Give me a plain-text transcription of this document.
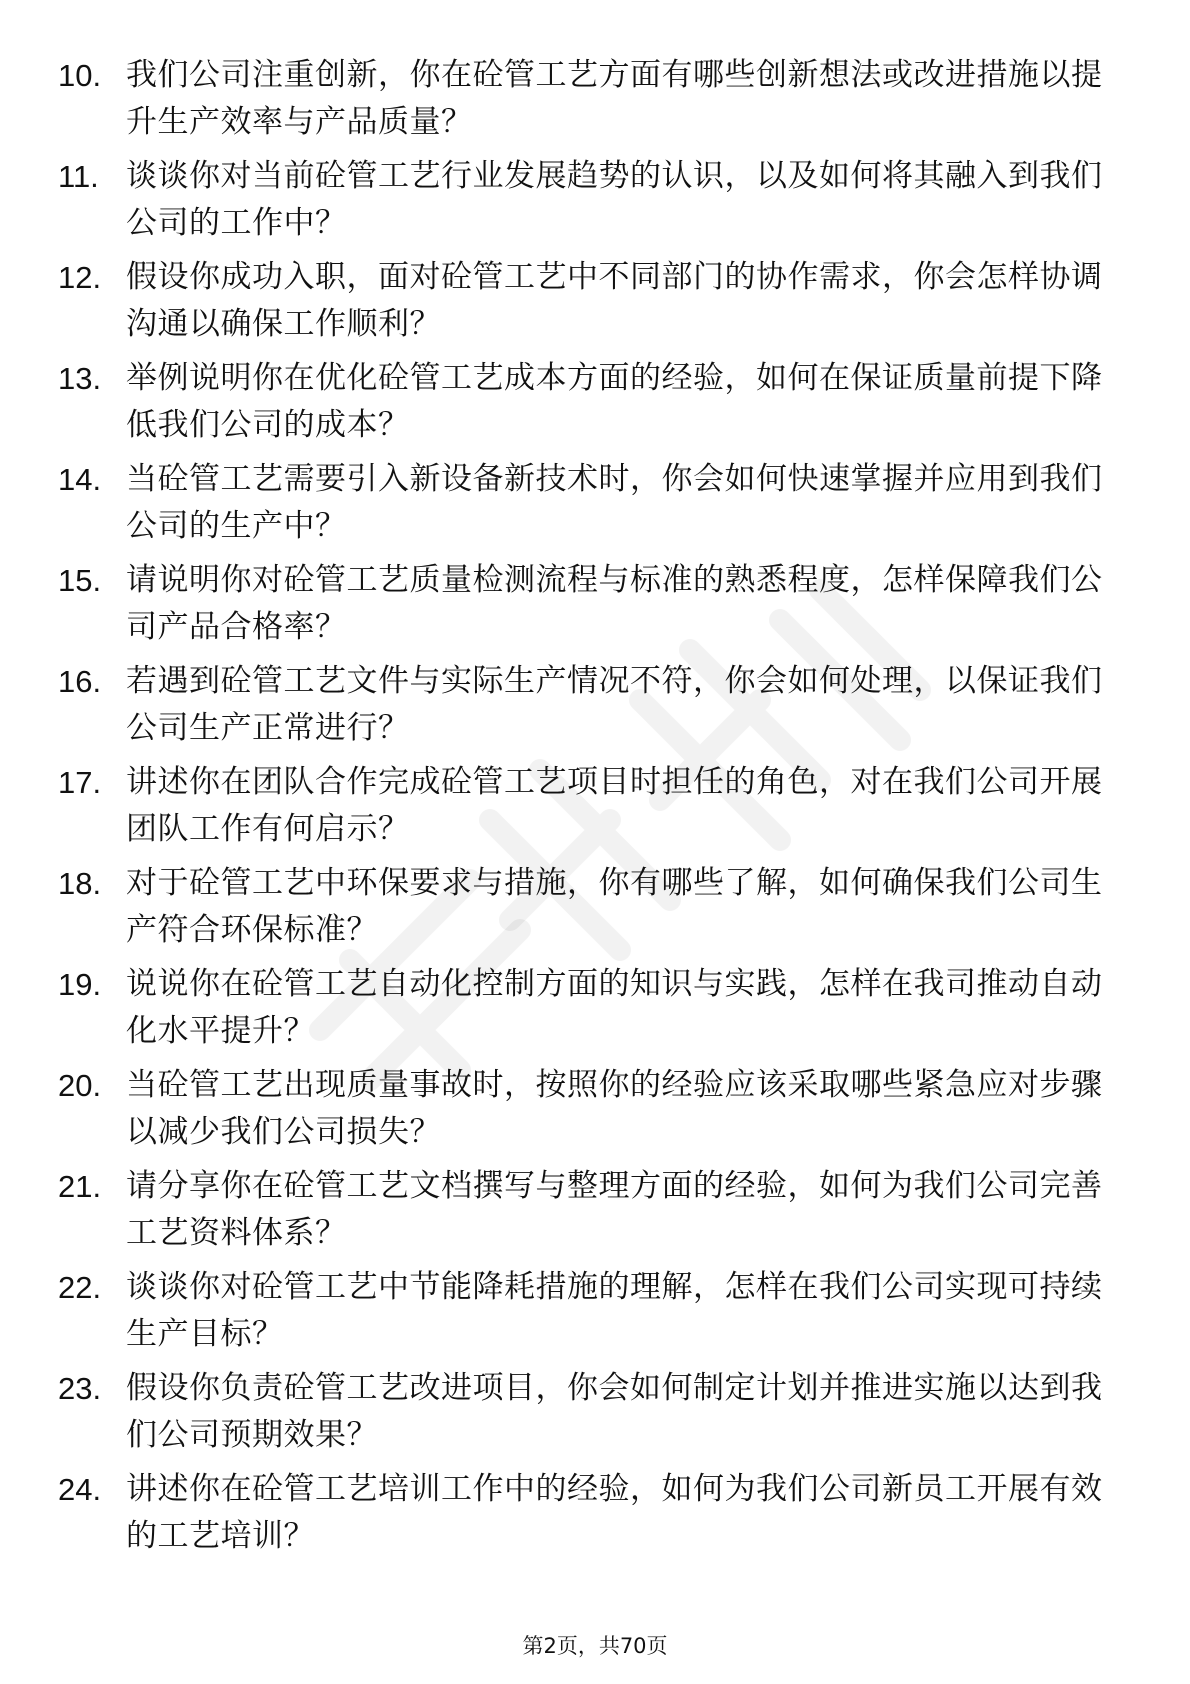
10. 我们公司注重创新，你在砼管工艺方面有哪些创新想法或改进措施以提升生产效率与产品质量？
11. 谈谈你对当前砼管工艺行业发展趋势的认识，以及如何将其融入到我们公司的工作中？
12. 假设你成功入职，面对砼管工艺中不同部门的协作需求，你会怎样协调沟通以确保工作顺利？
13. 举例说明你在优化砼管工艺成本方面的经验，如何在保证质量前提下降低我们公司的成本？
14. 当砼管工艺需要引入新设备新技术时，你会如何快速掌握并应用到我们公司的生产中？
15. 请说明你对砼管工艺质量检测流程与标准的熟悉程度，怎样保障我们公司产品合格率？
16. 若遇到砼管工艺文件与实际生产情况不符，你会如何处理，以保证我们公司生产正常进行？
17. 讲述你在团队合作完成砼管工艺项目时担任的角色，对在我们公司开展团队工作有何启示？
18. 对于砼管工艺中环保要求与措施，你有哪些了解，如何确保我们公司生产符合环保标准？
19. 说说你在砼管工艺自动化控制方面的知识与实践，怎样在我司推动自动化水平提升？
20. 当砼管工艺出现质量事故时，按照你的经验应该采取哪些紧急应对步骤以减少我们公司损失？
21. 请分享你在砼管工艺文档撰写与整理方面的经验，如何为我们公司完善工艺资料体系？
22. 谈谈你对砼管工艺中节能降耗措施的理解，怎样在我们公司实现可持续生产目标？
23. 假设你负责砼管工艺改进项目，你会如何制定计划并推进实施以达到我们公司预期效果？
24. 讲述你在砼管工艺培训工作中的经验，如何为我们公司新员工开展有效的工艺培训？
第2页，共70页
